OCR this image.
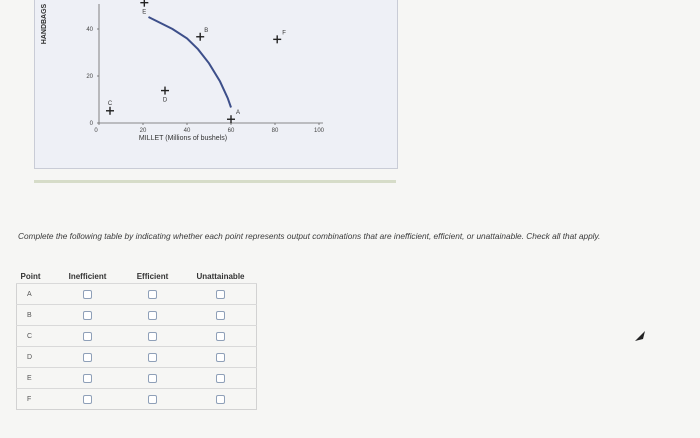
0	20	40	60	80	100
0
20
40
A
B
C
D
E
F
HANDBAGS
MILLET (Millions of bushels)
Complete the following table by indicating whether each point represents output combinations that are inefficient, efficient, or unattainable. Check all that apply.
Point	Inefficient	Efficient	Unattainable
A			
B			
C			
D			
E			
F			
